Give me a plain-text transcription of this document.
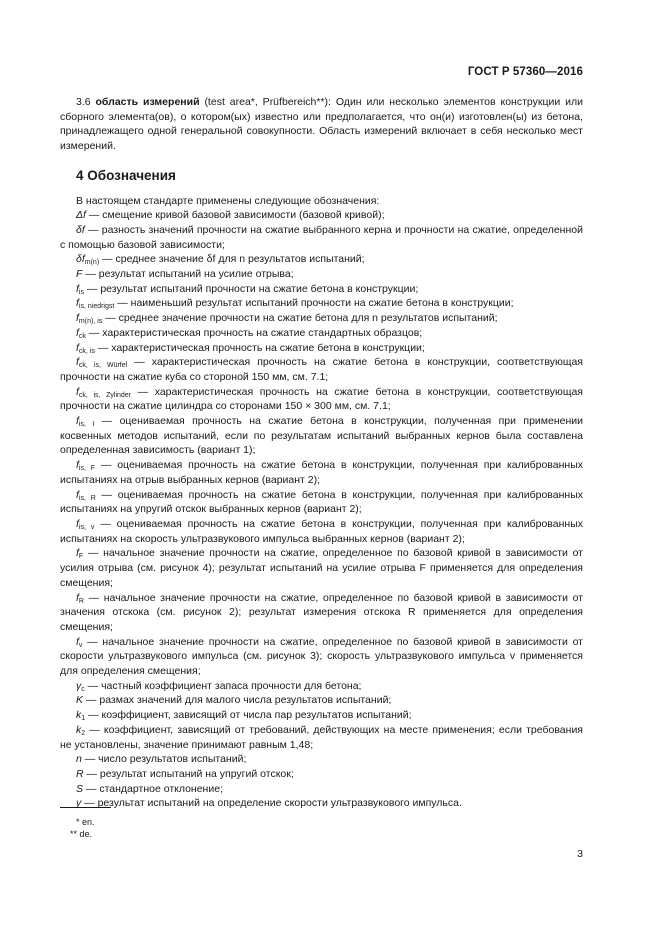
ГОСТ Р 57360—2016

3.6 область измерений (test area*, Prüfbereich**): Один или несколько элементов конструкции или сборного элемента(ов), о котором(ых) известно или предполагается, что он(и) изготовлен(ы) из бетона, принадлежащего одной генеральной совокупности. Область измерений включает в себя несколько мест измерений.

4 Обозначения

В настоящем стандарте применены следующие обозначения:

Δf — смещение кривой базовой зависимости (базовой кривой);

δf — разность значений прочности на сжатие выбранного керна и прочности на сжатие, определенной с помощью базовой зависимости;

$\delta f_{m(n)}$ — среднее значение δf для n результатов испытаний;

F — результат испытаний на усилие отрыва;

$f_{is}$ — результат испытаний прочности на сжатие бетона в конструкции;

$f_{is, niedrigst}$ — наименьший результат испытаний прочности на сжатие бетона в конструкции;

$f_{m(n), is}$ — среднее значение прочности на сжатие бетона для n результатов испытаний;

$f_{ck}$ — характеристическая прочность на сжатие стандартных образцов;

$f_{ck, is}$ — характеристическая прочность на сжатие бетона в конструкции;

$f_{ck, is, Würfel}$ — характеристическая прочность на сжатие бетона в конструкции, соответствующая прочности на сжатие куба со стороной 150 мм, см. 7.1;

$f_{ck, is, Zylinder}$ — характеристическая прочность на сжатие бетона в конструкции, соответствующая прочности на сжатие цилиндра со сторонами 150 × 300 мм, см. 7.1;

$f_{is, I}$ — оцениваемая прочность на сжатие бетона в конструкции, полученная при применении косвенных методов испытаний, если по результатам испытаний выбранных кернов была составлена определенная зависимость (вариант 1);

$f_{is, F}$ — оцениваемая прочность на сжатие бетона в конструкции, полученная при калиброванных испытаниях на отрыв выбранных кернов (вариант 2);

$f_{is, R}$ — оцениваемая прочность на сжатие бетона в конструкции, полученная при калиброванных испытаниях на упругий отскок выбранных кернов (вариант 2);

$f_{is, v}$ — оцениваемая прочность на сжатие бетона в конструкции, полученная при калиброванных испытаниях на скорость ультразвукового импульса выбранных кернов (вариант 2);

$f_F$ — начальное значение прочности на сжатие, определенное по базовой кривой в зависимости от усилия отрыва (см. рисунок 4); результат испытаний на усилие отрыва F применяется для определения смещения;

$f_R$ — начальное значение прочности на сжатие, определенное по базовой кривой в зависимости от значения отскока (см. рисунок 2); результат измерения отскока R применяется для определения смещения;

$f_v$ — начальное значение прочности на сжатие, определенное по базовой кривой в зависимости от скорости ультразвукового импульса (см. рисунок 3); скорость ультразвукового импульса v применяется для определения смещения;

$\gamma_c$ — частный коэффициент запаса прочности для бетона;

K — размах значений для малого числа результатов испытаний;

$k_1$ — коэффициент, зависящий от числа пар результатов испытаний;

$k_2$ — коэффициент, зависящий от требований, действующих на месте применения; если требования не установлены, значение принимают равным 1,48;

n — число результатов испытаний;

R — результат испытаний на упругий отскок;

S — стандартное отклонение;

y — результат испытаний на определение скорости ультразвукового импульса.

* en.
** de.
3
